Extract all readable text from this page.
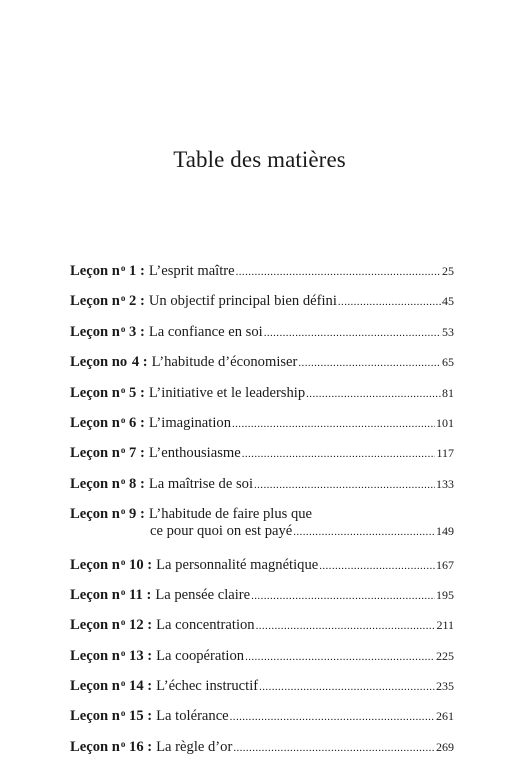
Table des matières
Leçon $n^o$ 1 : L’esprit maître .....	25
Leçon $n^o$ 2 : Un objectif principal bien défini .....	45
Leçon $n^o$ 3 : La confiance en soi .....	53
Leçon no 4 : L’habitude d’économiser .....	65
Leçon $n^o$ 5 : L’initiative et le leadership .....	81
Leçon $n^o$ 6 : L’imagination .....	101
Leçon $n^o$ 7 : L’enthousiasme .....	117
Leçon $n^o$ 8 : La maîtrise de soi .....	133
Leçon $n^o$ 9 : L’habitude de faire plus que
ce pour quoi on est payé .....	149
Leçon $n^o$ 10 : La personnalité magnétique .....	167
Leçon $n^o$ 11 : La pensée claire .....	195
Leçon $n^o$ 12 : La concentration .....	211
Leçon $n^o$ 13 : La coopération .....	225
Leçon $n^o$ 14 : L’échec instructif .....	235
Leçon $n^o$ 15 : La tolérance .....	261
Leçon $n^o$ 16 : La règle d’or .....	269
